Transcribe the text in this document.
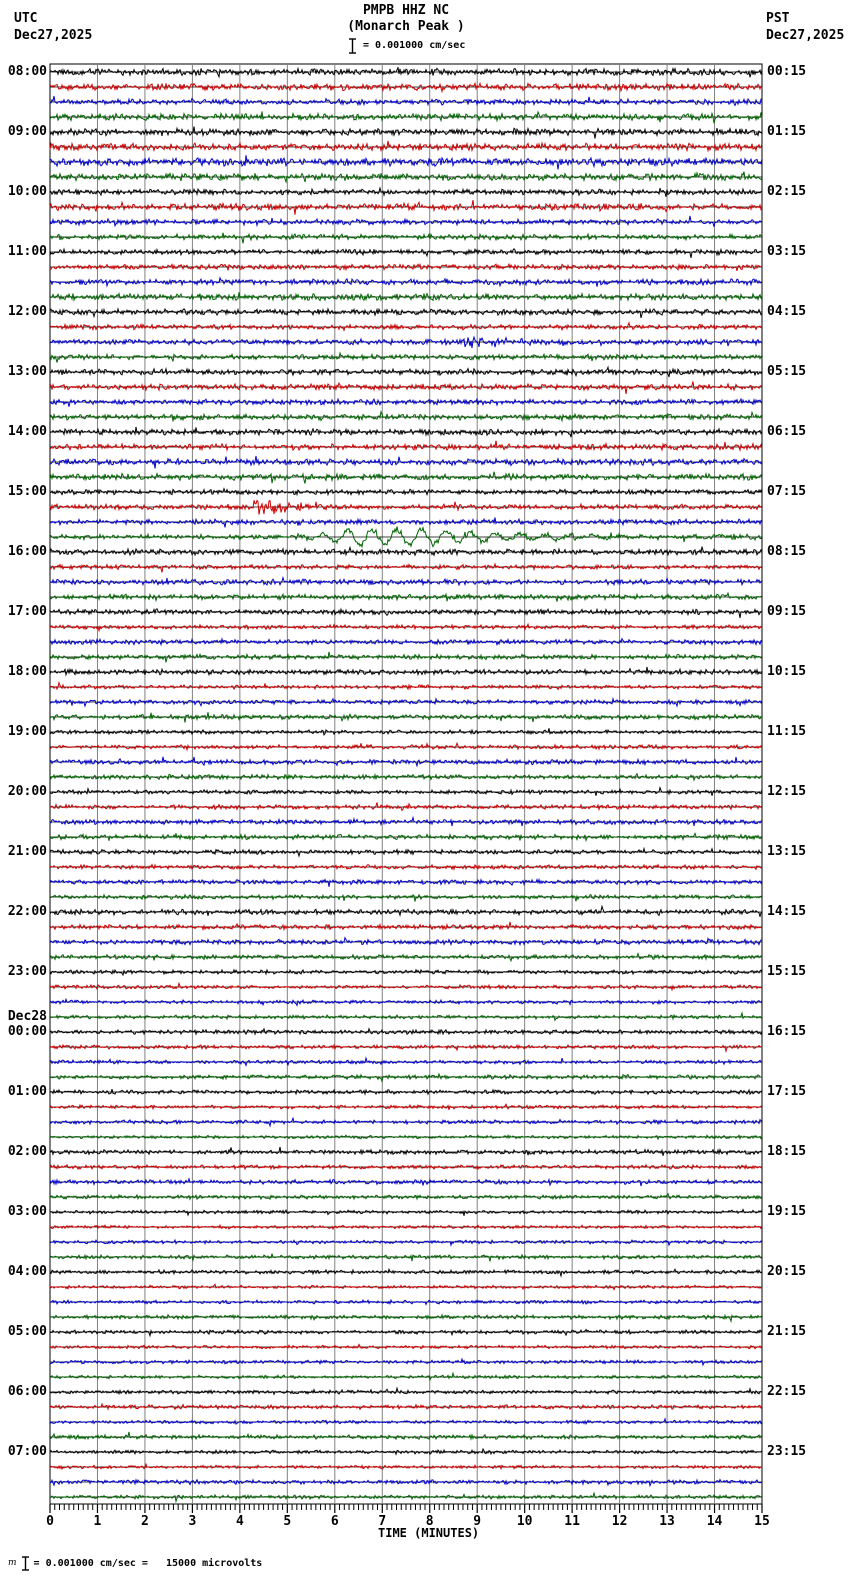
UTC
Dec27,2025
PST
Dec27,2025
PMPB HHZ NC
(Monarch Peak )
= 0.001000 cm/sec
08:00	00:15
09:00	01:15
10:00	02:15
11:00	03:15
12:00	04:15
13:00	05:15
14:00	06:15
15:00	07:15
16:00	08:15
17:00	09:15
18:00	10:15
19:00	11:15
20:00	12:15
21:00	13:15
22:00	14:15
23:00	15:15
00:00	16:15
Dec28
01:00	17:15
02:00	18:15
03:00	19:15
04:00	20:15
05:00	21:15
06:00	22:15
07:00	23:15
0	1	2	3	4	5	6	7	8	9	10	11	12	13	14	15
TIME (MINUTES)
m = 0.001000 cm/sec =   15000 microvolts
